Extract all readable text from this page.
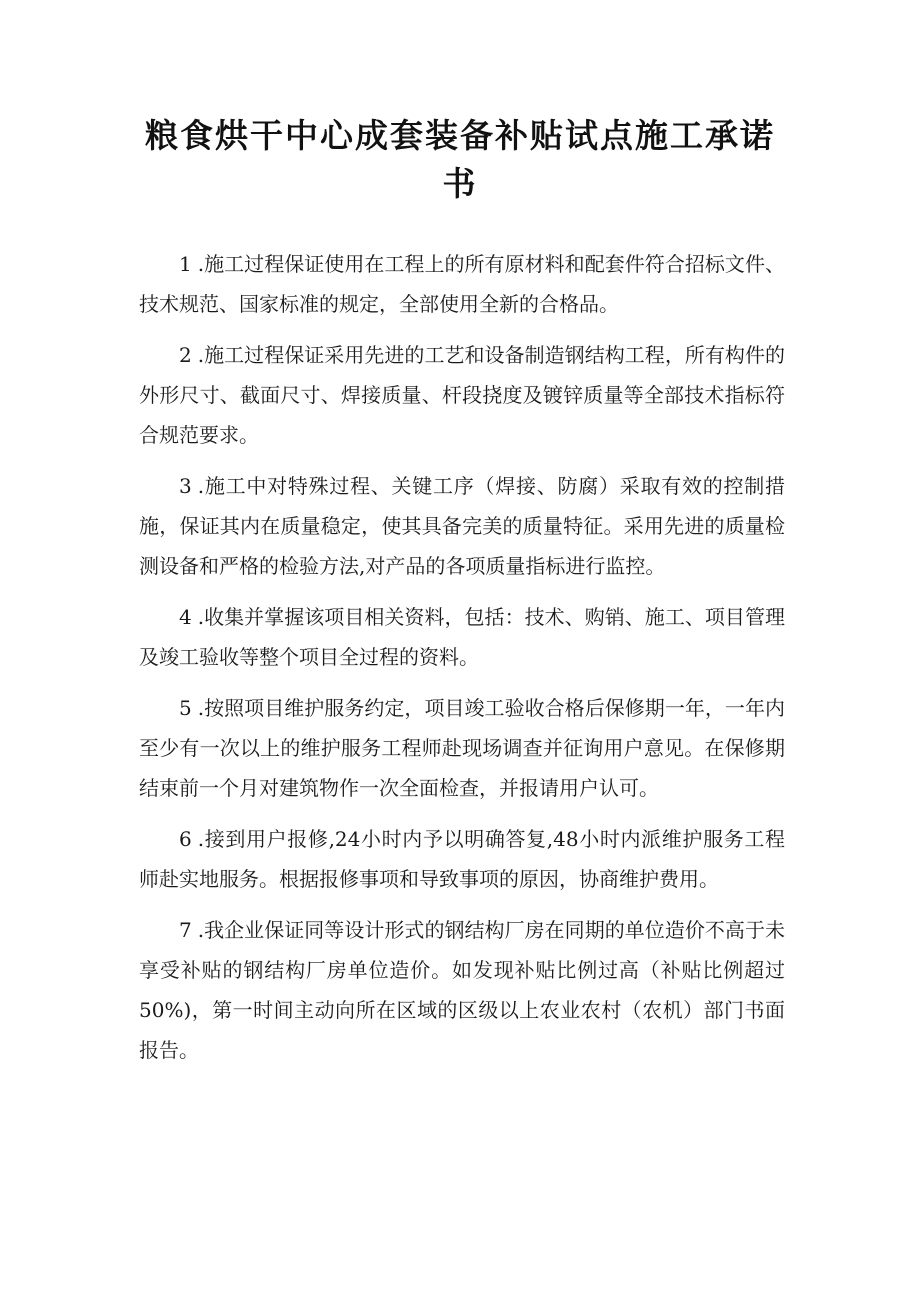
粮食烘干中心成套装备补贴试点施工承诺书

1 .施工过程保证使用在工程上的所有原材料和配套件符合招标文件、技术规范、国家标准的规定，全部使用全新的合格品。

2 .施工过程保证采用先进的工艺和设备制造钢结构工程，所有构件的外形尺寸、截面尺寸、焊接质量、杆段挠度及镀锌质量等全部技术指标符合规范要求。

3 .施工中对特殊过程、关键工序（焊接、防腐）采取有效的控制措施，保证其内在质量稳定，使其具备完美的质量特征。采用先进的质量检测设备和严格的检验方法,对产品的各项质量指标进行监控。

4 .收集并掌握该项目相关资料，包括：技术、购销、施工、项目管理及竣工验收等整个项目全过程的资料。

5 .按照项目维护服务约定，项目竣工验收合格后保修期一年，一年内至少有一次以上的维护服务工程师赴现场调查并征询用户意见。在保修期结束前一个月对建筑物作一次全面检查，并报请用户认可。

6 .接到用户报修,24小时内予以明确答复,48小时内派维护服务工程师赴实地服务。根据报修事项和导致事项的原因，协商维护费用。

7 .我企业保证同等设计形式的钢结构厂房在同期的单位造价不高于未享受补贴的钢结构厂房单位造价。如发现补贴比例过高（补贴比例超过50%)，第一时间主动向所在区域的区级以上农业农村（农机）部门书面报告。
